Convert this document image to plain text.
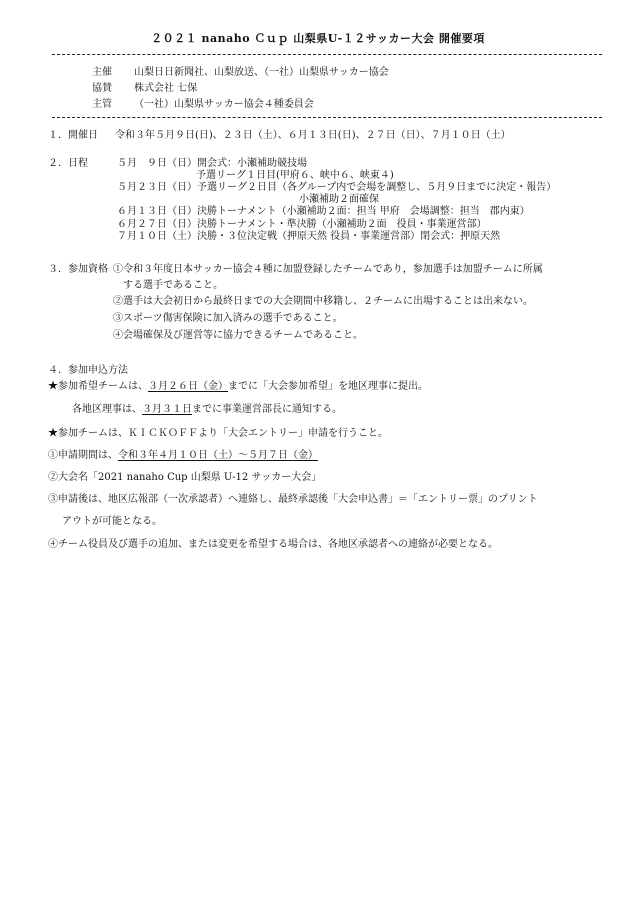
２０２１ nanaho Ｃｕｐ 山梨県U-１２サッカー大会 開催要項
主催 山梨日日新聞社、山梨放送、（一社）山梨県サッカー協会
協賛 株式会社 七保
主管 （一社）山梨県サッカー協会４種委員会
１．開催日 令和３年５月９日(日)、２３日（土）、６月１３日(日)、２７日（日）、７月１０日（土）
２．日程	５月　９日（日）開会式：小瀬補助競技場
予選リーグ１日目(甲府６、峡中６、峡東４)
５月２３日（日）予選リーグ２日目（各グループ内で会場を調整し、５月９日までに決定・報告）
小瀬補助２面確保
６月１３日（日）決勝トーナメント（小瀬補助２面：担当 甲府　会場調整：担当　郡内東）
６月２７日（日）決勝トーナメント・準決勝（小瀬補助２面　役員・事業運営部）
７月１０日（土）決勝・３位決定戦（押原天然 役員・事業運営部）閉会式：押原天然
３．参加資格 ①令和３年度日本サッカー協会４種に加盟登録したチームであり，参加選手は加盟チームに所属
する選手であること。
②選手は大会初日から最終日までの大会期間中移籍し、２チームに出場することは出来ない。
③スポーツ傷害保険に加入済みの選手であること。
④会場確保及び運営等に協力できるチームであること。
４．参加申込方法
★参加希望チームは、３月２６日（金）までに「大会参加希望」を地区理事に提出。
各地区理事は、３月３１日までに事業運営部長に通知する。
★参加チームは、ＫＩＣＫＯＦＦより「大会エントリー」申請を行うこと。
①申請期間は、令和３年４月１０日（土）～５月７日（金）
②大会名「2021 nanaho Cup 山梨県 U-12 サッカー大会」
③申請後は、地区広報部（一次承認者）へ連絡し、最終承認後「大会申込書」＝「エントリー票」のプリント
アウトが可能となる。
④チーム役員及び選手の追加、または変更を希望する場合は、各地区承認者への連絡が必要となる。
